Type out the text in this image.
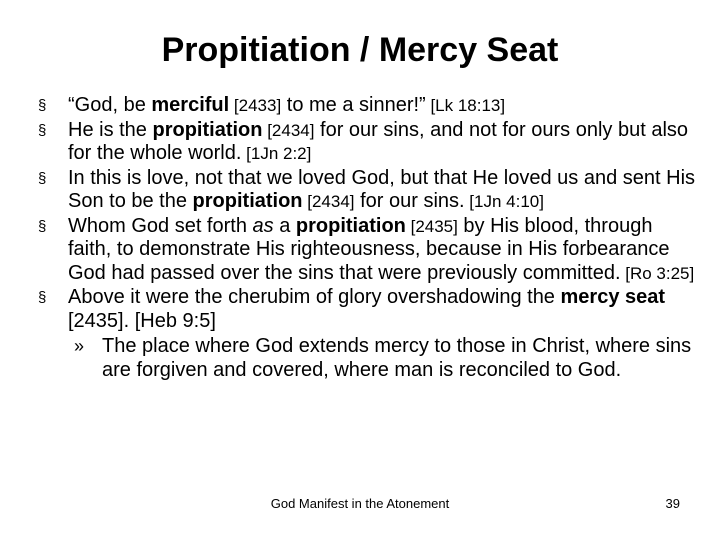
Propitiation / Mercy Seat
§	“God, be merciful [2433] to me a sinner!” [Lk 18:13]
§	He is the propitiation [2434] for our sins, and not for ours only but also for the whole world. [1Jn 2:2]
§	In this is love, not that we loved God, but that He loved us and sent His Son to be the propitiation [2434] for our sins. [1Jn 4:10]
§	Whom God set forth as a propitiation [2435] by His blood, through faith, to demonstrate His righteousness, because in His forbearance God had passed over the sins that were previously committed. [Ro 3:25]
§	Above it were the cherubim of glory overshadowing the mercy seat [2435]. [Heb 9:5]
» The place where God extends mercy to those in Christ, where sins are forgiven and covered, where man is reconciled to God.
God Manifest in the Atonement	39
